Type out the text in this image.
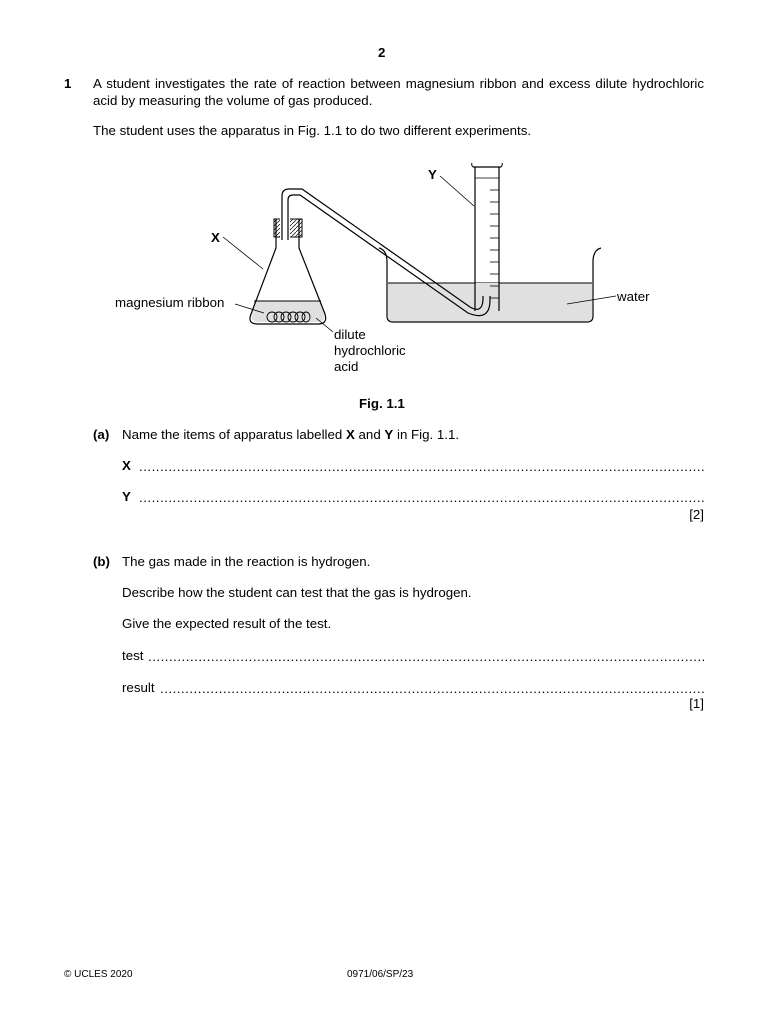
2
1 A student investigates the rate of reaction between magnesium ribbon and excess dilute hydrochloric acid by measuring the volume of gas produced.
The student uses the apparatus in Fig. 1.1 to do two different experiments.
X
Y
magnesium ribbon	water
dilute
hydrochloric
acid
Fig. 1.1
(a) Name the items of apparatus labelled X and Y in Fig. 1.1.
X
.....
Y
.....
[2]
(b) The gas made in the reaction is hydrogen.
Describe how the student can test that the gas is hydrogen.
Give the expected result of the test.
test
.....
result
.....
[1]
© UCLES 2020	0971/06/SP/23
